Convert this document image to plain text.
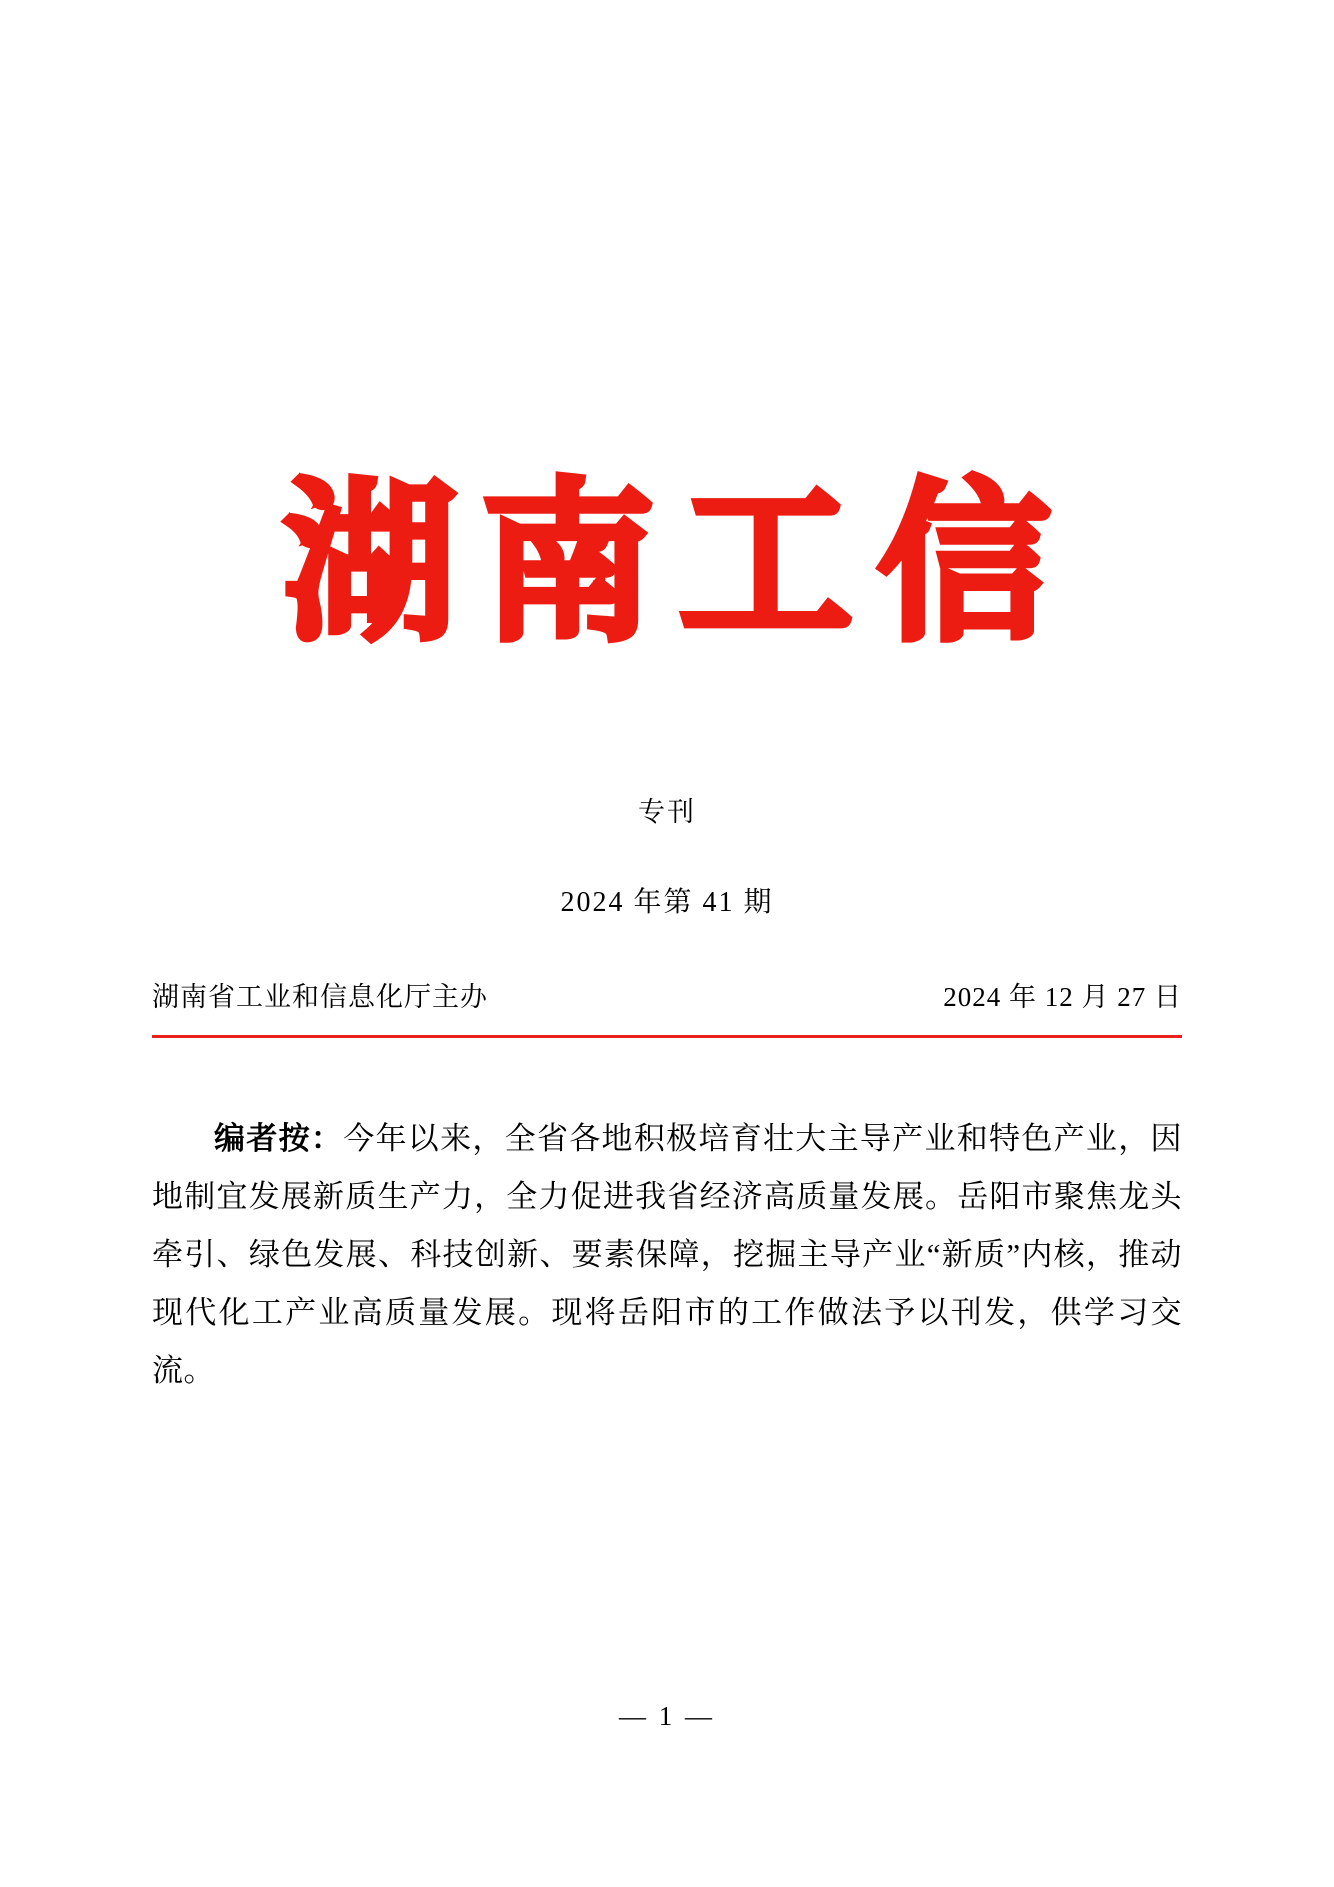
湖南工信
专刊
2024 年第 41 期
湖南省工业和信息化厅主办	2024 年 12 月 27 日

编者按：今年以来，全省各地积极培育壮大主导产业和特色产业，因地制宜发展新质生产力，全力促进我省经济高质量发展。岳阳市聚焦龙头牵引、绿色发展、科技创新、要素保障，挖掘主导产业“新质”内核，推动现代化工产业高质量发展。现将岳阳市的工作做法予以刊发，供学习交流。

— 1 —
